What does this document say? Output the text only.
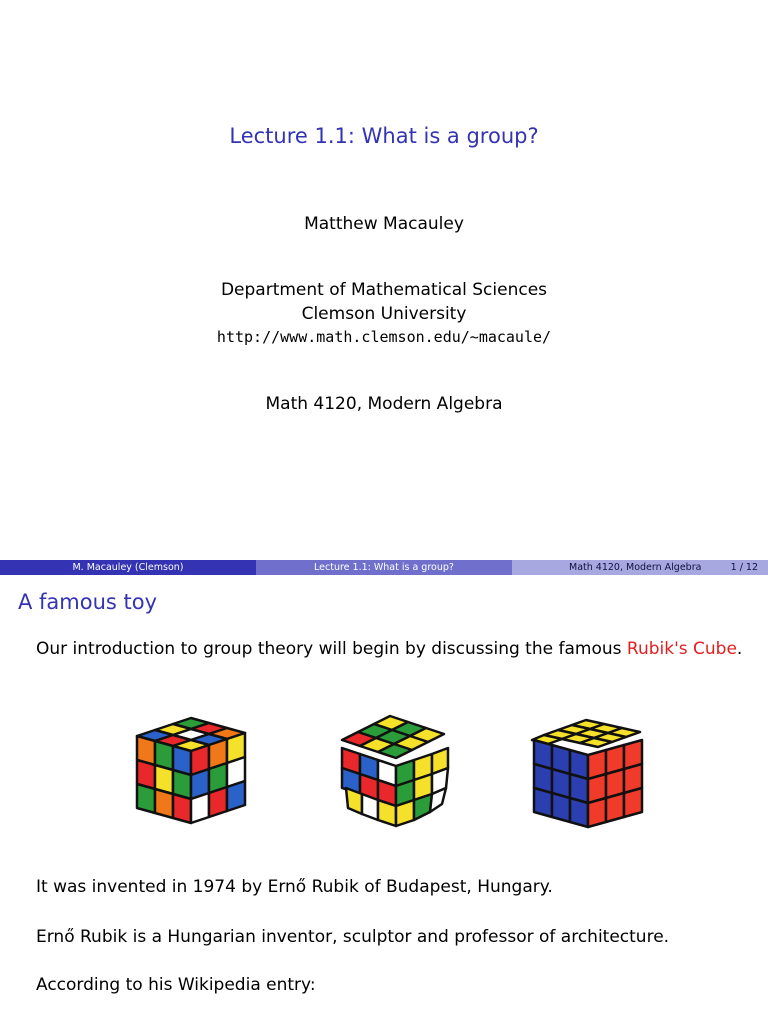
Lecture 1.1: What is a group?
Matthew Macauley
Department of Mathematical Sciences
Clemson University
http://www.math.clemson.edu/~macaule/
Math 4120, Modern Algebra
M. Macauley (Clemson)	Lecture 1.1: What is a group?	Math 4120, Modern Algebra	1 / 12
A famous toy
Our introduction to group theory will begin by discussing the famous Rubik's Cube.
It was invented in 1974 by Ernő Rubik of Budapest, Hungary.
Ernő Rubik is a Hungarian inventor, sculptor and professor of architecture.
According to his Wikipedia entry:
